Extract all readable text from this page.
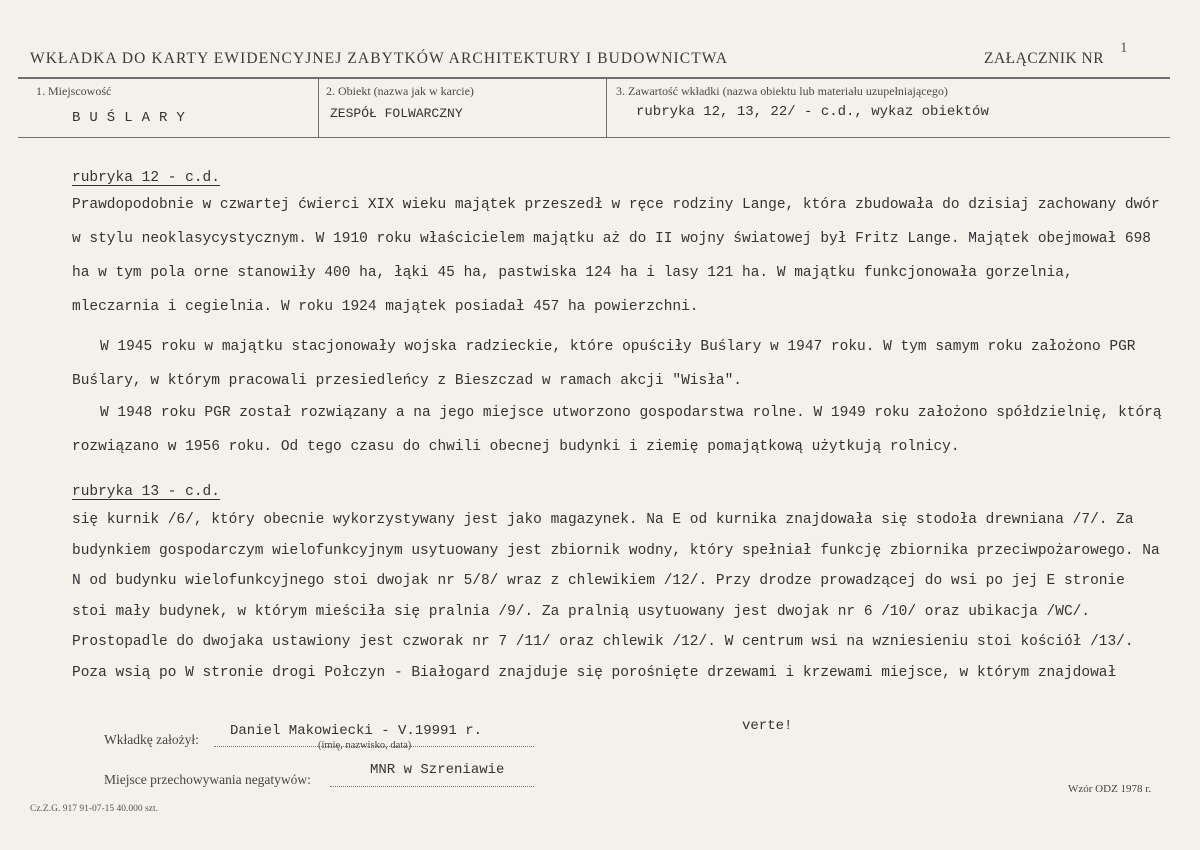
WKŁADKA DO KARTY EWIDENCYJNEJ ZABYTKÓW ARCHITEKTURY I BUDOWNICTWA	ZAŁĄCZNIK NR
1
1. Miejscowość
BUŚLARY
2. Obiekt (nazwa jak w karcie)
ZESPÓŁ FOLWARCZNY
3. Zawartość wkładki (nazwa obiektu lub materiału uzupełniającego)
rubryka 12, 13, 22/ - c.d., wykaz obiektów
rubryka 12 - c.d.

Prawdopodobnie w czwartej ćwierci XIX wieku majątek przeszedł w ręce rodziny Lange, która zbudowała do dzisiaj zachowany dwór w stylu neoklasycystycznym. W 1910 roku właścicielem majątku aż do II wojny światowej był Fritz Lange. Majątek obejmował 698 ha w tym pola orne stanowiły 400 ha, łąki 45 ha, pastwiska 124 ha i lasy 121 ha. W majątku funkcjonowała gorzelnia, mleczarnia i cegielnia. W roku 1924 majątek posiadał 457 ha powierzchni.

W 1945 roku w majątku stacjonowały wojska radzieckie, które opuściły Buślary w 1947 roku. W tym samym roku założono PGR Buślary, w którym pracowali przesiedleńcy z Bieszczad w ramach akcji "Wisła".

W 1948 roku PGR został rozwiązany a na jego miejsce utworzono gospodarstwa rolne. W 1949 roku założono spółdzielnię, którą rozwiązano w 1956 roku. Od tego czasu do chwili obecnej budynki i ziemię pomajątkową użytkują rolnicy.

rubryka 13 - c.d.

się kurnik /6/, który obecnie wykorzystywany jest jako magazynek. Na E od kurnika znajdowała się stodoła drewniana /7/. Za budynkiem gospodarczym wielofunkcyjnym usytuowany jest zbiornik wodny, który spełniał funkcję zbiornika przeciwpożarowego. Na N od budynku wielofunkcyjnego stoi dwojak nr 5/8/ wraz z chlewikiem /12/. Przy drodze prowadzącej do wsi po jej E stronie stoi mały budynek, w którym mieściła się pralnia /9/. Za pralnią usytuowany jest dwojak nr 6 /10/ oraz ubikacja /WC/. Prostopadle do dwojaka ustawiony jest czworak nr 7 /11/ oraz chlewik /12/. W centrum wsi na wzniesieniu stoi kościół /13/. Poza wsią po W stronie drogi Połczyn - Białogard znajduje się porośnięte drzewami i krzewami miejsce, w którym znajdował

Wkładkę założył:
Daniel Makowiecki - V.19991 r.
(imię, nazwisko, data)
verte!
Miejsce przechowywania negatywów:
MNR w Szreniawie
Cz.Z.G. 917 91-07-15 40.000 szt.
Wzór ODZ 1978 r.
